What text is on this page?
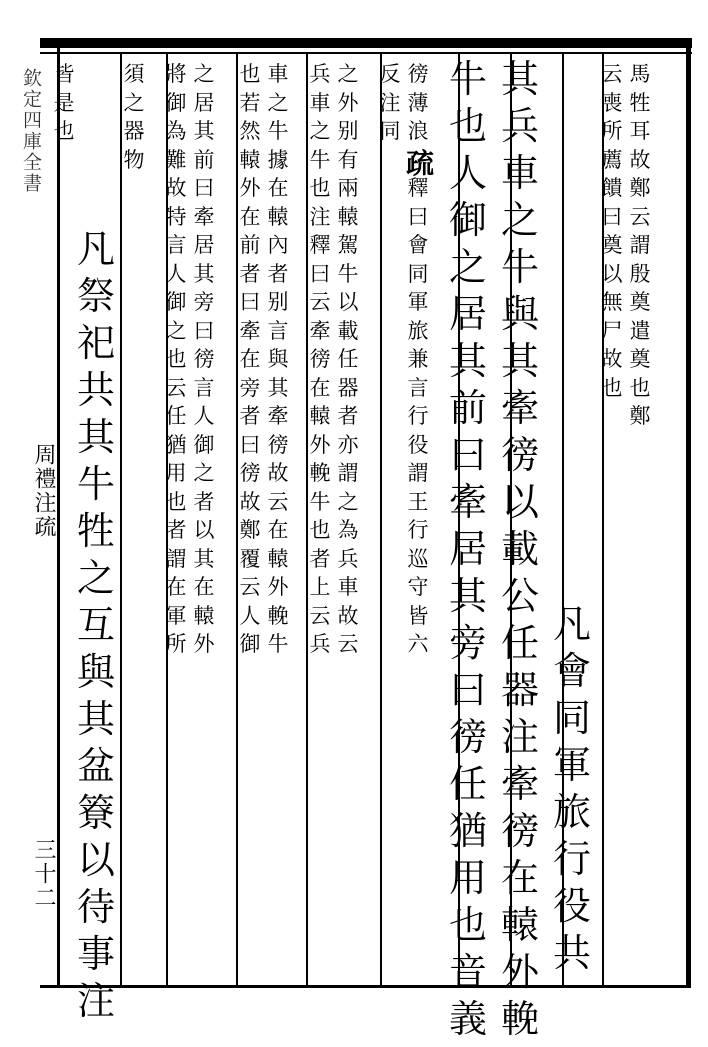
欽定四庫全書
周禮注疏
三十二
馬
牲
耳
故
鄭
云
謂
殷
奠
遣
奠
也
鄭
云
喪
所
薦
饋
曰
奠
以
無
尸
故
也
凡
會
同
軍
旅
行
役
共
其
兵
車
之
牛
與
其
牽
徬
以
載
公
任
器
注
牽
徬
在
轅
外
輓
牛
也
人
御
之
居
其
前
曰
牽
居
其
旁
曰
徬
任
猶
用
也
音
義
徬
薄
浪
疏
釋
曰
會
同
軍
旅
兼
言
行
役
謂
王
行
巡
守
皆
六
反
注
同
之
外
别
有
兩
轅
駕
牛
以
載
任
器
者
亦
謂
之
為
兵
車
故
云
兵
車
之
牛
也
注
釋
曰
云
牽
徬
在
轅
外
輓
牛
也
者
上
云
兵
車
之
牛
據
在
轅
內
者
别
言
與
其
牽
徬
故
云
在
轅
外
輓
牛
也
若
然
轅
外
在
前
者
曰
牽
在
旁
者
曰
徬
故
鄭
覆
云
人
御
之
居
其
前
曰
牽
居
其
旁
曰
徬
言
人
御
之
者
以
其
在
轅
外
將
御
為
難
故
特
言
人
御
之
也
云
任
猶
用
也
者
謂
在
軍
所
須
之
器
物
凡
祭
祀
共
其
牛
牲
之
互
與
其
盆
簝
以
待
事
注
皆
是
也
